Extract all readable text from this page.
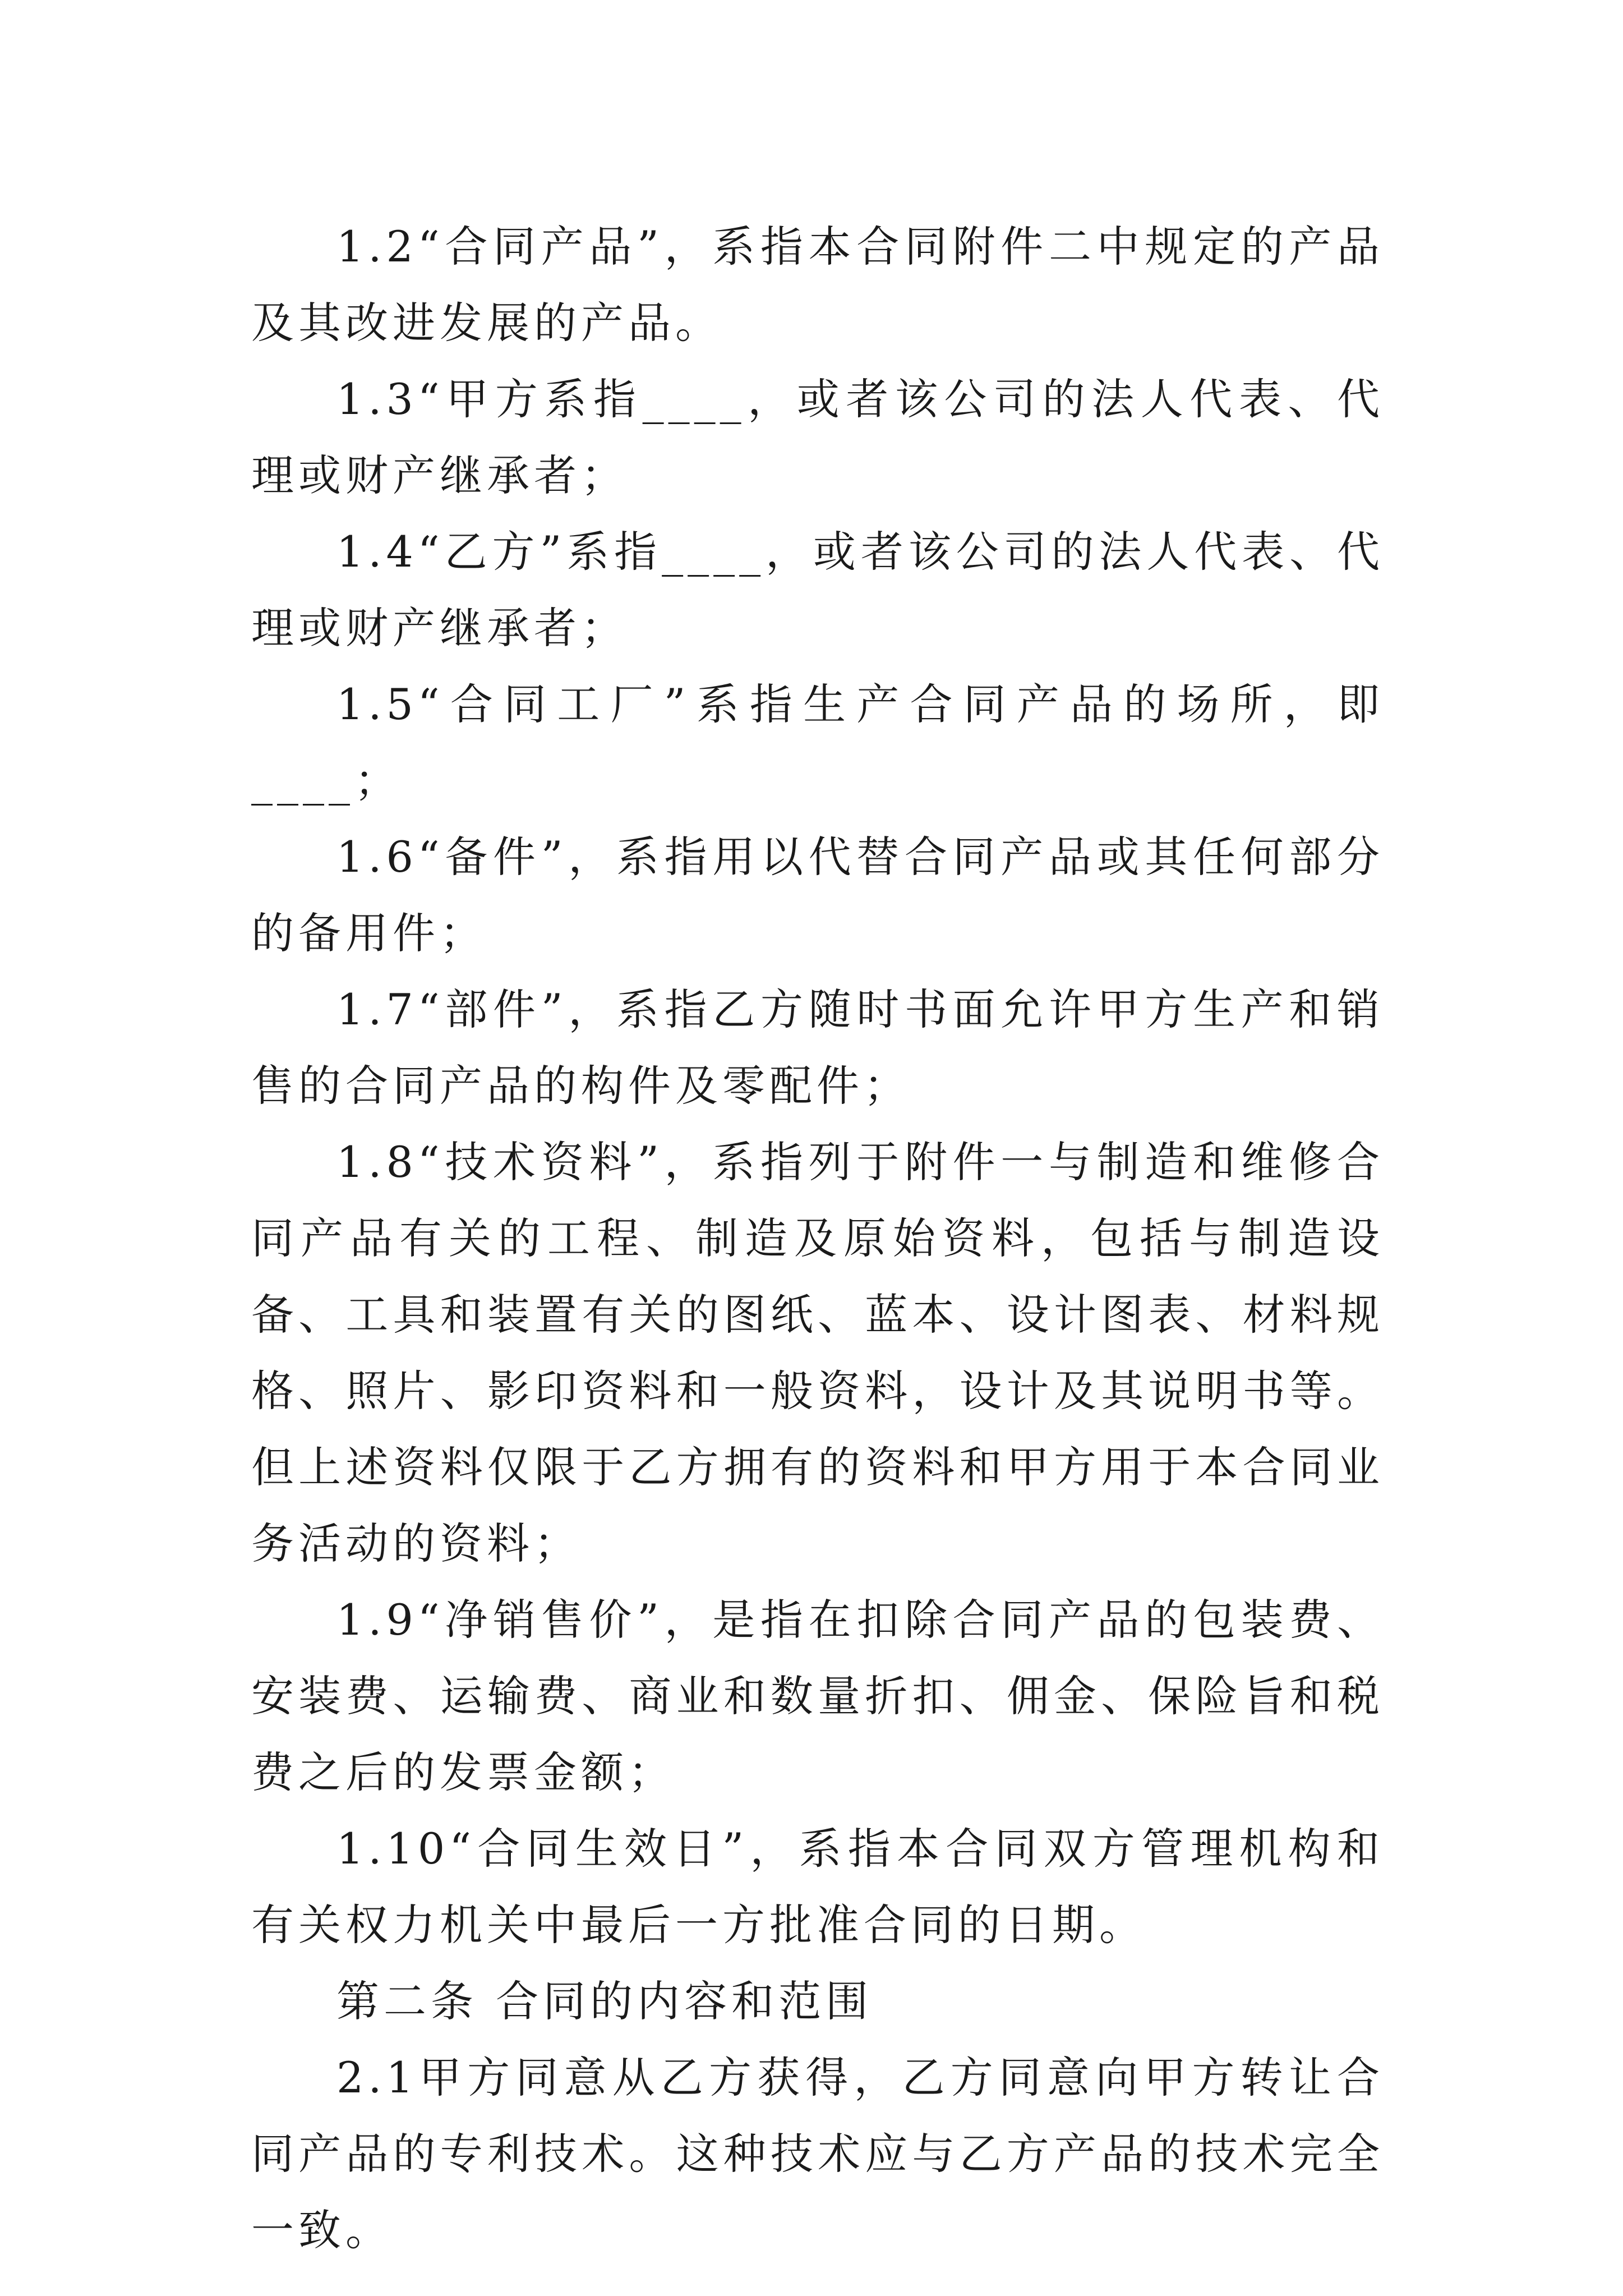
1.2“合同产品”，系指本合同附件二中规定的产品及其改进发展的产品。

1.3“甲方系指____，或者该公司的法人代表、代理或财产继承者；

1.4“乙方”系指____，或者该公司的法人代表、代理或财产继承者；

1.5“合同工厂”系指生产合同产品的场所，即____；

1.6“备件”，系指用以代替合同产品或其任何部分的备用件；

1.7“部件”，系指乙方随时书面允许甲方生产和销售的合同产品的构件及零配件；

1.8“技术资料”，系指列于附件一与制造和维修合同产品有关的工程、制造及原始资料，包括与制造设备、工具和装置有关的图纸、蓝本、设计图表、材料规格、照片、影印资料和一般资料，设计及其说明书等。但上述资料仅限于乙方拥有的资料和甲方用于本合同业务活动的资料；

1.9“净销售价”，是指在扣除合同产品的包装费、安装费、运输费、商业和数量折扣、佣金、保险旨和税费之后的发票金额；

1.10“合同生效日”，系指本合同双方管理机构和有关权力机关中最后一方批准合同的日期。

第二条 合同的内容和范围

2.1甲方同意从乙方获得，乙方同意向甲方转让合同产品的专利技术。这种技术应与乙方产品的技术完全一致。
